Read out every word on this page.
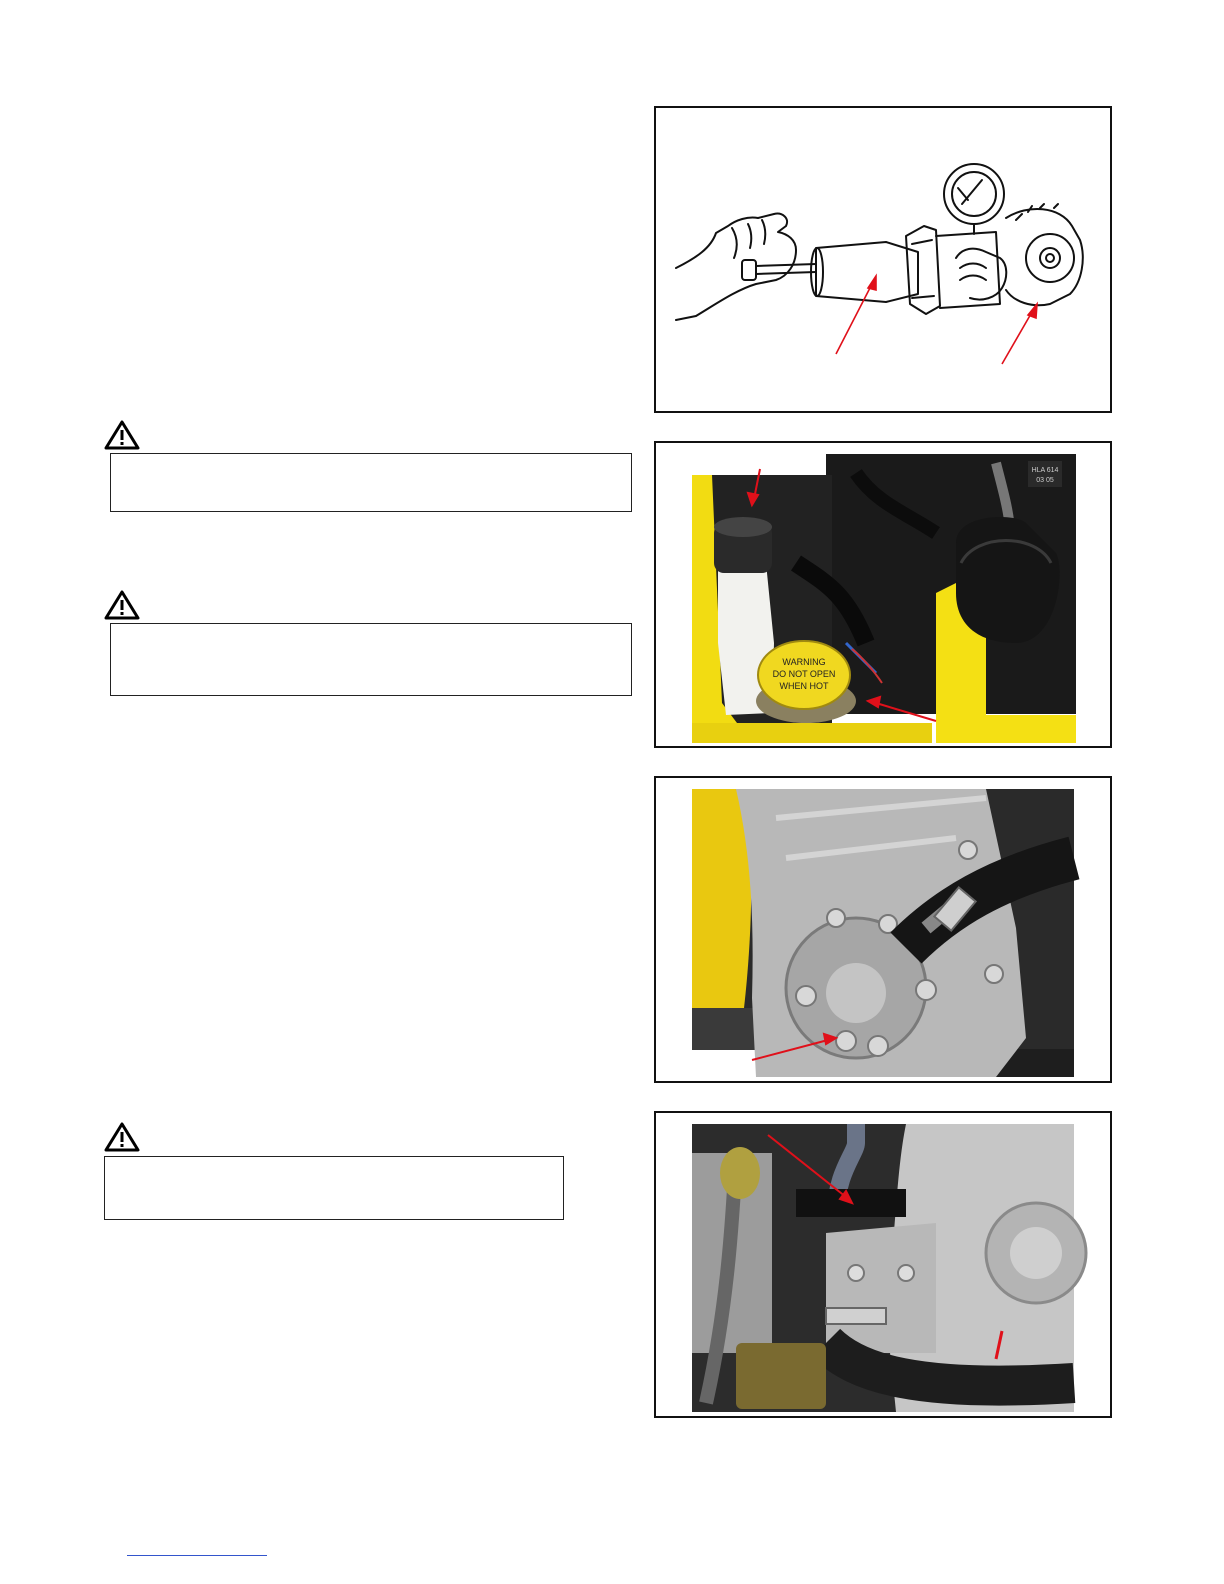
HLA 614
03 05
WARNING
DO NOT OPEN
WHEN HOT
